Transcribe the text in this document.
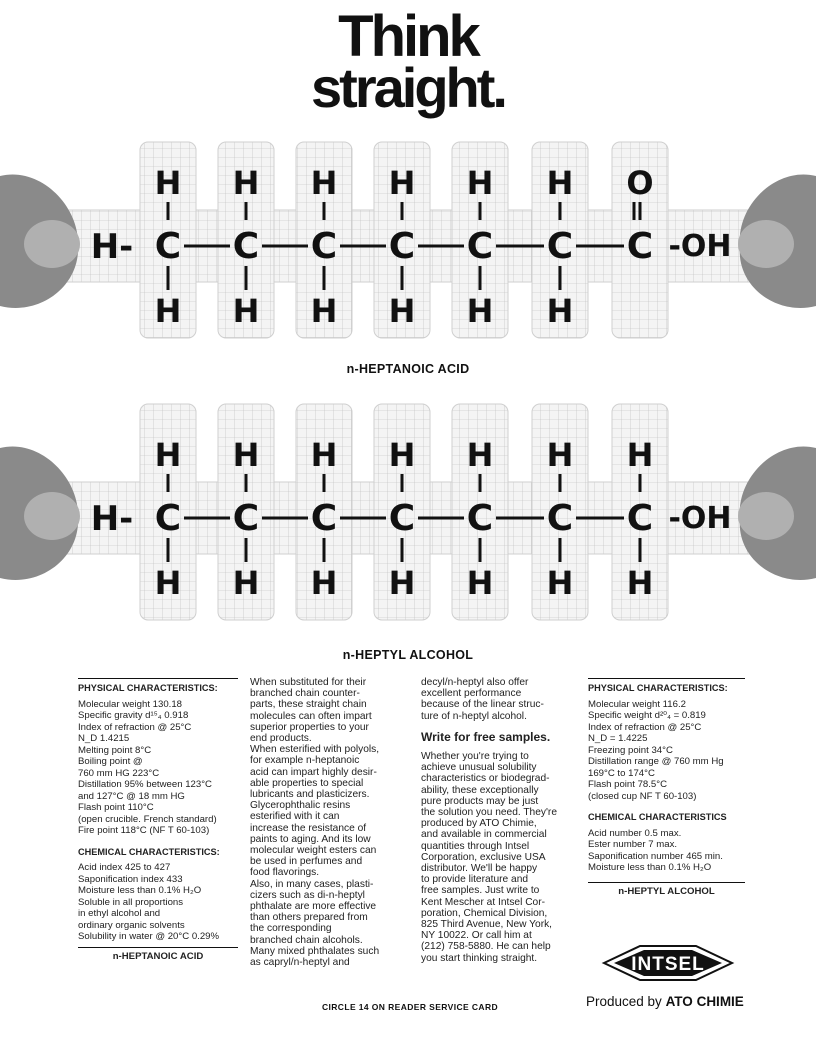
Think
straight.
H- C
H
H
C
H
H
C
H
H
C
H
H
C
H
H
C
H
H
C
O
-OH
n-HEPTANOIC ACID
H- C
H
H
C
H
H
C
H
H
C
H
H
C
H
H
C
H
H
C
H
H
-OH
n-HEPTYL ALCOHOL
PHYSICAL CHARACTERISTICS:
Molecular weight 130.18
Specific gravity d¹⁵₄ 0.918
Index of refraction @ 25°C
N_D 1.4215
Melting point 8°C
Boiling point @
760 mm HG 223°C
Distillation 95% between 123°C
and 127°C @ 18 mm HG
Flash point 110°C
(open crucible. French standard)
Fire point 118°C (NF T 60-103)
CHEMICAL CHARACTERISTICS:
Acid index 425 to 427
Saponification index 433
Moisture less than 0.1% H₂O
Soluble in all proportions
in ethyl alcohol and
ordinary organic solvents
Solubility in water @ 20°C 0.29%
n-HEPTANOIC ACID
When substituted for their
branched chain counter-
parts, these straight chain
molecules can often impart
superior properties to your
end products.
When esterified with polyols,
for example n-heptanoic
acid can impart highly desir-
able properties to special
lubricants and plasticizers.
Glycerophthalic resins
esterified with it can
increase the resistance of
paints to aging. And its low
molecular weight esters can
be used in perfumes and
food flavorings.
Also, in many cases, plasti-
cizers such as di-n-heptyl
phthalate are more effective
than others prepared from
the corresponding
branched chain alcohols.
Many mixed phthalates such
as capryl/n-heptyl and
decyl/n-heptyl also offer
excellent performance
because of the linear struc-
ture of n-heptyl alcohol.
Write for free samples.
Whether you're trying to
achieve unusual solubility
characteristics or biodegrad-
ability, these exceptionally
pure products may be just
the solution you need. They're
produced by ATO Chimie,
and available in commercial
quantities through Intsel
Corporation, exclusive USA
distributor. We'll be happy
to provide literature and
free samples. Just write to
Kent Mescher at Intsel Cor-
poration, Chemical Division,
825 Third Avenue, New York,
NY 10022. Or call him at
(212) 758-5880. He can help
you start thinking straight.
PHYSICAL CHARACTERISTICS:
Molecular weight 116.2
Specific weight d²⁰₄ = 0.819
Index of refraction @ 25°C
N_D = 1.4225
Freezing point 34°C
Distillation range @ 760 mm Hg
169°C to 174°C
Flash point 78.5°C
(closed cup NF T 60-103)
CHEMICAL CHARACTERISTICS
Acid number 0.5 max.
Ester number 7 max.
Saponification number 465 min.
Moisture less than 0.1% H₂O
n-HEPTYL ALCOHOL
CIRCLE 14 ON READER SERVICE CARD
INTSEL
Produced by ATO CHIMIE
